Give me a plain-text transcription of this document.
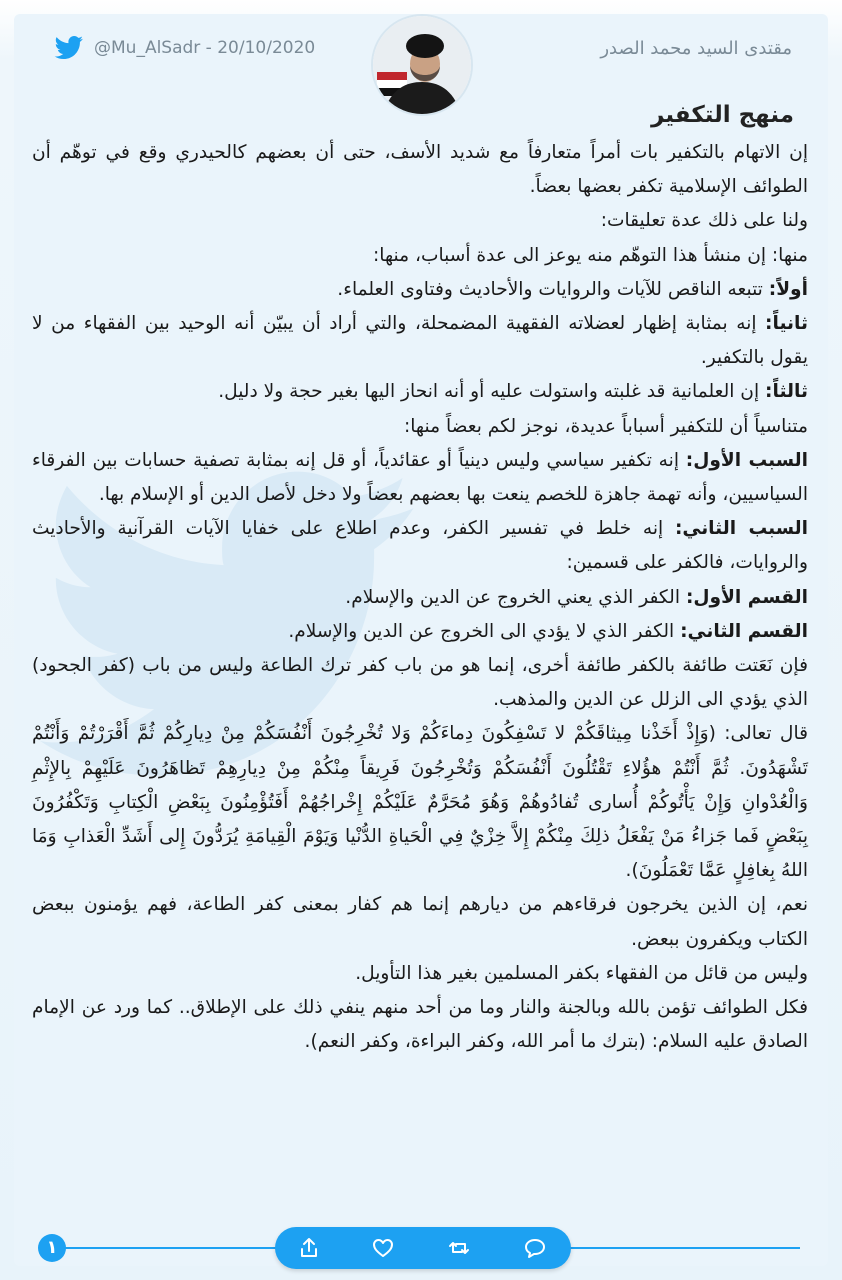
@Mu_AlSadr - 20/10/2020	مقتدى السيد محمد الصدر
منهج التكفير

إن الاتهام بالتكفير بات أمراً متعارفاً مع شديد الأسف، حتى أن بعضهم كالحيدري وقع في توهّم أن الطوائف الإسلامية تكفر بعضها بعضاً.

ولنا على ذلك عدة تعليقات:

منها: إن منشأ هذا التوهّم منه يوعز الى عدة أسباب، منها:

أولاً: تتبعه الناقص للآيات والروايات والأحاديث وفتاوى العلماء.

ثانياً: إنه بمثابة إظهار لعضلاته الفقهية المضمحلة، والتي أراد أن يبيّن أنه الوحيد بين الفقهاء من لا يقول بالتكفير.

ثالثاً: إن العلمانية قد غلبته واستولت عليه أو أنه انحاز اليها بغير حجة ولا دليل.

متناسياً أن للتكفير أسباباً عديدة، نوجز لكم بعضاً منها:

السبب الأول: إنه تكفير سياسي وليس دينياً أو عقائدياً، أو قل إنه بمثابة تصفية حسابات بين الفرقاء السياسيين، وأنه تهمة جاهزة للخصم ينعت بها بعضهم بعضاً ولا دخل لأصل الدين أو الإسلام بها.

السبب الثاني: إنه خلط في تفسير الكفر، وعدم اطلاع على خفايا الآيات القرآنية والأحاديث والروايات، فالكفر على قسمين:

القسم الأول: الكفر الذي يعني الخروج عن الدين والإسلام.

القسم الثاني: الكفر الذي لا يؤدي الى الخروج عن الدين والإسلام.

فإن نَعَتت طائفة بالكفر طائفة أخرى، إنما هو من باب كفر ترك الطاعة وليس من باب (كفر الجحود) الذي يؤدي الى الزلل عن الدين والمذهب.

قال تعالى: (وَإِذْ أَخَذْنا مِيثاقَكُمْ لا تَسْفِكُونَ دِماءَكُمْ وَلا تُخْرِجُونَ أَنْفُسَكُمْ مِنْ دِيارِكُمْ ثُمَّ أَقْرَرْتُمْ وَأَنْتُمْ تَشْهَدُونَ. ثُمَّ أَنْتُمْ هؤُلاءِ تَقْتُلُونَ أَنْفُسَكُمْ وَتُخْرِجُونَ فَرِيقاً مِنْكُمْ مِنْ دِيارِهِمْ تَظاهَرُونَ عَلَيْهِمْ بِالإِثْمِ وَالْعُدْوانِ وَإِنْ يَأْتُوكُمْ أُسارى تُفادُوهُمْ وَهُوَ مُحَرَّمٌ عَلَيْكُمْ إِخْراجُهُمْ أَفَتُؤْمِنُونَ بِبَعْضِ الْكِتابِ وَتَكْفُرُونَ بِبَعْضٍ فَما جَزاءُ مَنْ يَفْعَلُ ذلِكَ مِنْكُمْ إِلاَّ خِزْيٌ فِي الْحَياةِ الدُّنْيا وَيَوْمَ الْقِيامَةِ يُرَدُّونَ إِلى أَشَدِّ الْعَذابِ وَمَا اللهُ بِغافِلٍ عَمَّا تَعْمَلُونَ).

نعم، إن الذين يخرجون فرقاءهم من ديارهم إنما هم كفار بمعنى كفر الطاعة، فهم يؤمنون ببعض الكتاب ويكفرون ببعض.

وليس من قائل من الفقهاء بكفر المسلمين بغير هذا التأويل.

فكل الطوائف تؤمن بالله وبالجنة والنار وما من أحد منهم ينفي ذلك على الإطلاق.. كما ورد عن الإمام الصادق عليه السلام: (بترك ما أمر الله، وكفر البراءة، وكفر النعم).

١
